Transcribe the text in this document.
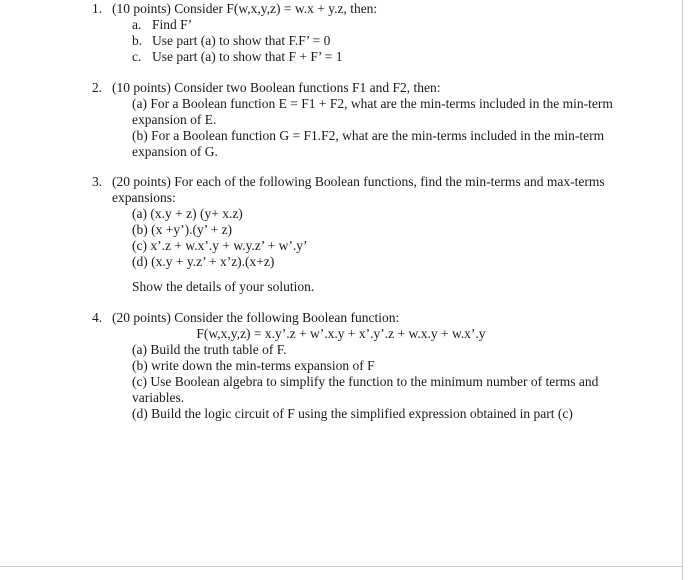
1. (10 points) Consider F(w,x,y,z) = w.x + y.z, then:
a. Find F’
b. Use part (a) to show that F.F’ = 0
c. Use part (a) to show that F + F’ = 1
2. (10 points) Consider two Boolean functions F1 and F2, then:
(a) For a Boolean function E = F1 + F2, what are the min-terms included in the min-term
expansion of E.
(b) For a Boolean function G = F1.F2, what are the min-terms included in the min-term
expansion of G.
3. (20 points) For each of the following Boolean functions, find the min-terms and max-terms
expansions:
(a) (x.y + z) (y+ x.z)
(b) (x +y’).(y’ + z)
(c) x’.z + w.x’.y + w.y.z’ + w’.y’
(d) (x.y + y.z’ + x’z).(x+z)
Show the details of your solution.
4. (20 points) Consider the following Boolean function:
F(w,x,y,z) = x.y’.z + w’.x.y + x’.y’.z + w.x.y + w.x’.y
(a) Build the truth table of F.
(b) write down the min-terms expansion of F
(c) Use Boolean algebra to simplify the function to the minimum number of terms and
variables.
(d) Build the logic circuit of F using the simplified expression obtained in part (c)
